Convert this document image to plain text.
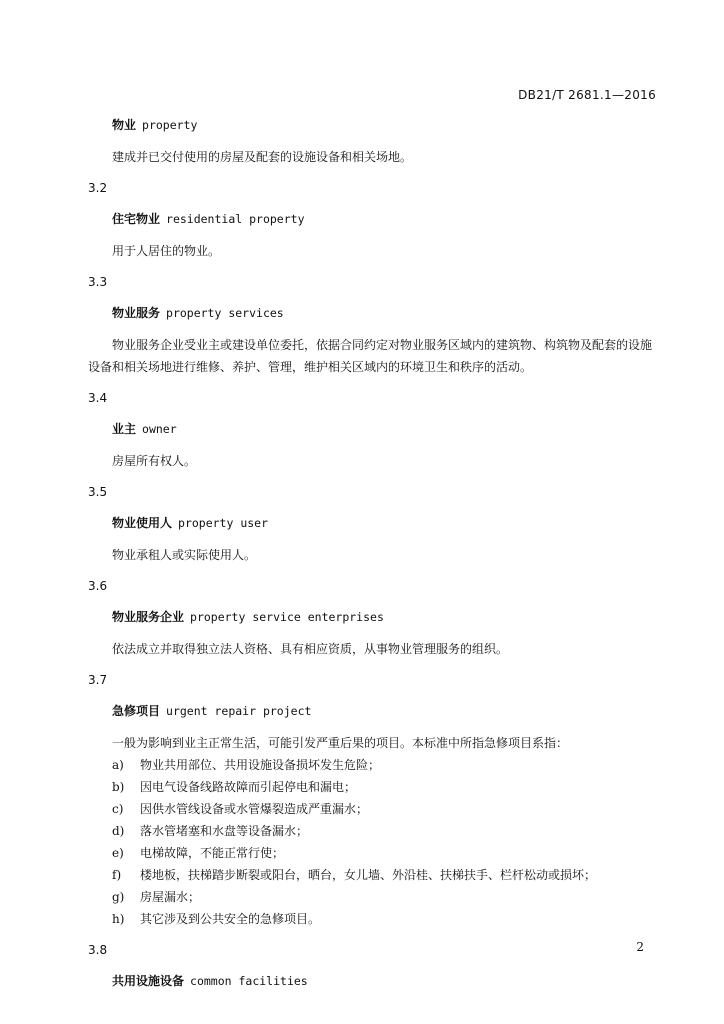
DB21/T 2681.1—2016
物业 property

建成并已交付使用的房屋及配套的设施设备和相关场地。

3.2
住宅物业 residential property

用于人居住的物业。

3.3
物业服务 property services

物业服务企业受业主或建设单位委托，依据合同约定对物业服务区域内的建筑物、构筑物及配套的设施设备和相关场地进行维修、养护、管理，维护相关区域内的环境卫生和秩序的活动。

3.4
业主 owner

房屋所有权人。

3.5
物业使用人 property user

物业承租人或实际使用人。

3.6
物业服务企业 property service enterprises

依法成立并取得独立法人资格、具有相应资质，从事物业管理服务的组织。

3.7
急修项目 urgent repair project

一般为影响到业主正常生活，可能引发严重后果的项目。本标准中所指急修项目系指：

a)	物业共用部位、共用设施设备损坏发生危险；
b)	因电气设备线路故障而引起停电和漏电；
c)	因供水管线设备或水管爆裂造成严重漏水；
d)	落水管堵塞和水盘等设备漏水；
e)	电梯故障，不能正常行使；
f)	楼地板，扶梯踏步断裂或阳台，晒台，女儿墙、外沿桂、扶梯扶手、栏杆松动或损坏；
g)	房屋漏水；
h)	其它涉及到公共安全的急修项目。
3.8
共用设施设备 common facilities
2
